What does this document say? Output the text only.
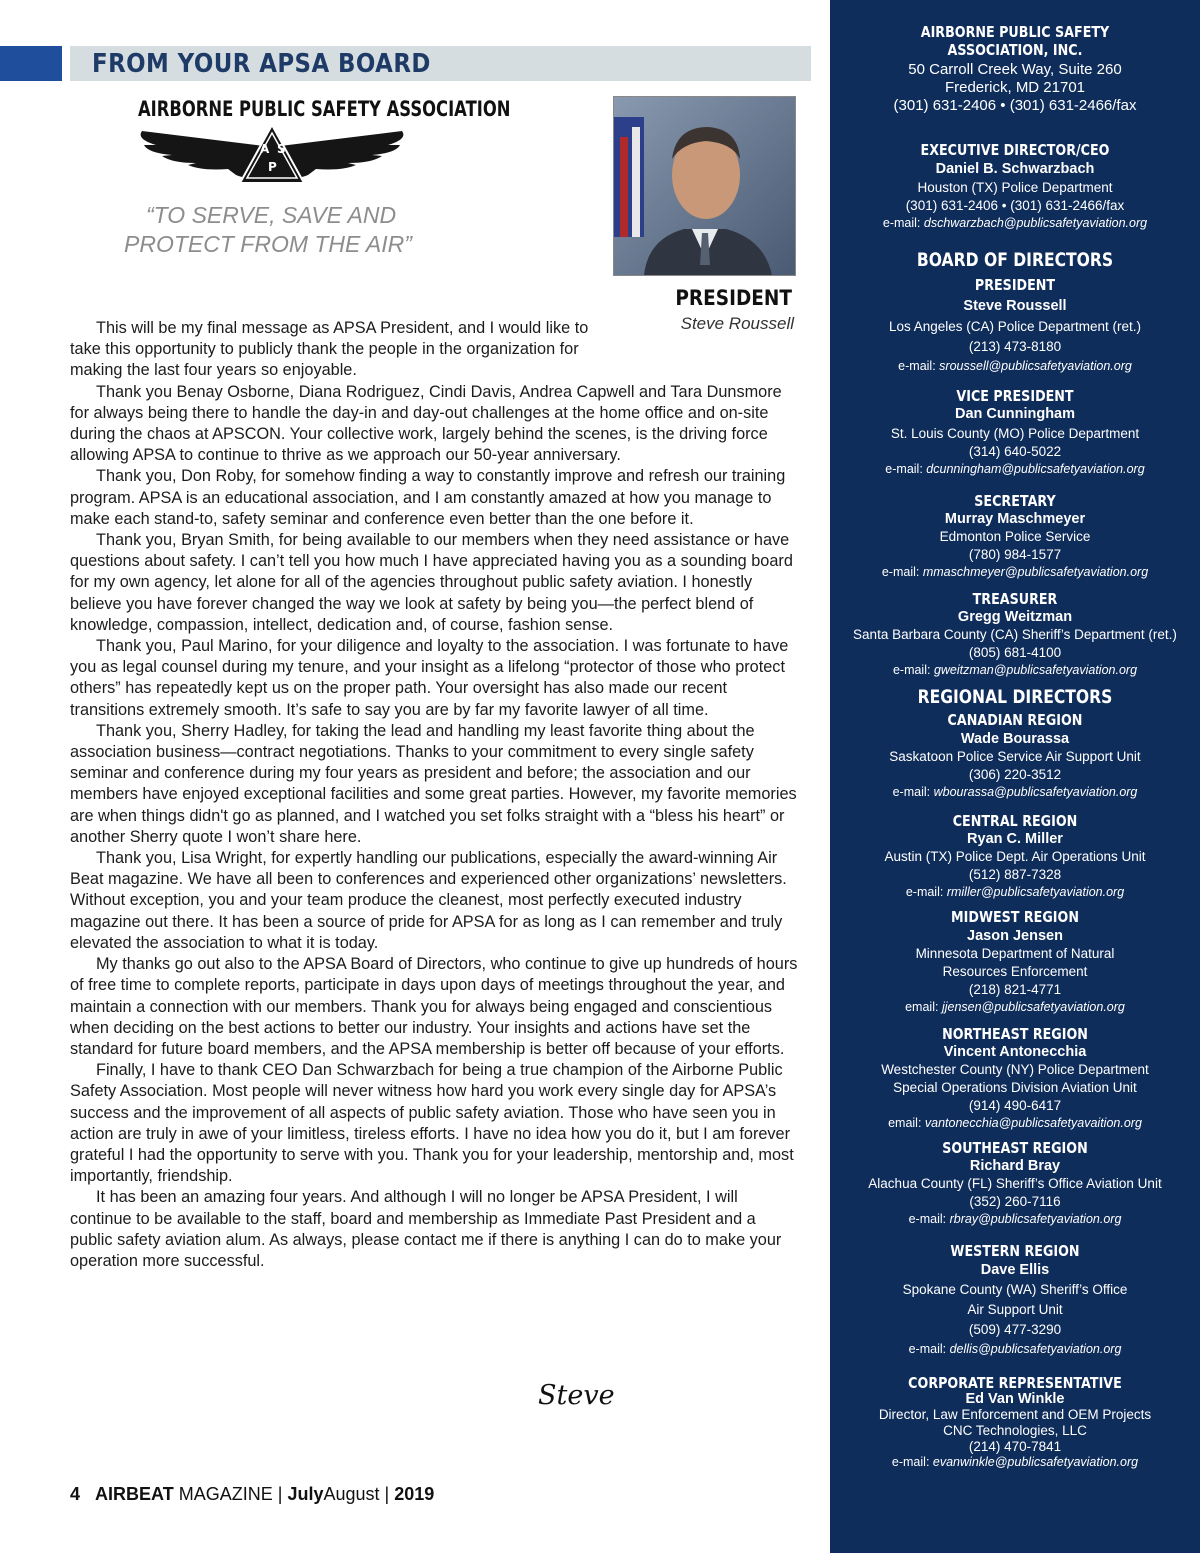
FROM YOUR APSA BOARD
AIRBORNE PUBLIC SAFETY ASSOCIATION
A S
P
“TO SERVE, SAVE AND
PROTECT FROM THE AIR”
PRESIDENT
Steve Roussell

This will be my final message as APSA President, and I would like to take this opportunity to publicly thank the people in the organization for making the last four years so enjoyable.

Thank you Benay Osborne, Diana Rodriguez, Cindi Davis, Andrea Capwell and Tara Dunsmore for always being there to handle the day-in and day-out challenges at the home office and on-site during the chaos at APSCON. Your collective work, largely behind the scenes, is the driving force allowing APSA to continue to thrive as we approach our 50-year anniversary.

Thank you, Don Roby, for somehow finding a way to constantly improve and refresh our training program. APSA is an educational association, and I am constantly amazed at how you manage to make each stand-to, safety seminar and conference even better than the one before it.

Thank you, Bryan Smith, for being available to our members when they need assistance or have questions about safety. I can’t tell you how much I have appreciated having you as a sounding board for my own agency, let alone for all of the agencies throughout public safety aviation. I honestly believe you have forever changed the way we look at safety by being you—the perfect blend of knowledge, compassion, intellect, dedication and, of course, fashion sense.

Thank you, Paul Marino, for your diligence and loyalty to the association. I was fortunate to have you as legal counsel during my tenure, and your insight as a lifelong “protector of those who protect others” has repeatedly kept us on the proper path. Your oversight has also made our recent transitions extremely smooth. It’s safe to say you are by far my favorite lawyer of all time.

Thank you, Sherry Hadley, for taking the lead and handling my least favorite thing about the association business—contract negotiations. Thanks to your commitment to every single safety seminar and conference during my four years as president and before; the association and our members have enjoyed exceptional facilities and some great parties. However, my favorite memories are when things didn't go as planned, and I watched you set folks straight with a “bless his heart” or another Sherry quote I won’t share here.

Thank you, Lisa Wright, for expertly handling our publications, especially the award-winning Air Beat magazine. We have all been to conferences and experienced other organizations’ newsletters. Without exception, you and your team produce the cleanest, most perfectly executed industry magazine out there. It has been a source of pride for APSA for as long as I can remember and truly elevated the association to what it is today.

My thanks go out also to the APSA Board of Directors, who continue to give up hundreds of hours of free time to complete reports, participate in days upon days of meetings throughout the year, and maintain a connection with our members. Thank you for always being engaged and conscientious when deciding on the best actions to better our industry. Your insights and actions have set the standard for future board members, and the APSA membership is better off because of your efforts.

Finally, I have to thank CEO Dan Schwarzbach for being a true champion of the Airborne Public Safety Association. Most people will never witness how hard you work every single day for APSA’s success and the improvement of all aspects of public safety aviation. Those who have seen you in action are truly in awe of your limitless, tireless efforts. I have no idea how you do it, but I am forever grateful I had the opportunity to serve with you. Thank you for your leadership, mentorship and, most importantly, friendship.

It has been an amazing four years. And although I will no longer be APSA President, I will continue to be available to the staff, board and membership as Immediate Past President and a public safety aviation alum. As always, please contact me if there is anything I can do to make your operation more successful.

Steve
4 AIRBEAT MAGAZINE | JulyAugust | 2019
AIRBORNE PUBLIC SAFETY
ASSOCIATION, INC.
50 Carroll Creek Way, Suite 260
Frederick, MD 21701
(301) 631-2406 • (301) 631-2466/fax
EXECUTIVE DIRECTOR/CEO
Daniel B. Schwarzbach
Houston (TX) Police Department
(301) 631-2406 • (301) 631-2466/fax
e-mail: dschwarzbach@publicsafetyaviation.org
BOARD OF DIRECTORS
PRESIDENT
Steve Roussell
Los Angeles (CA) Police Department (ret.)
(213) 473-8180
e-mail: sroussell@publicsafetyaviation.org
VICE PRESIDENT
Dan Cunningham
St. Louis County (MO) Police Department
(314) 640-5022
e-mail: dcunningham@publicsafetyaviation.org
SECRETARY
Murray Maschmeyer
Edmonton Police Service
(780) 984-1577
e-mail: mmaschmeyer@publicsafetyaviation.org
TREASURER
Gregg Weitzman
Santa Barbara County (CA) Sheriff’s Department (ret.)
(805) 681-4100
e-mail: gweitzman@publicsafetyaviation.org
REGIONAL DIRECTORS
CANADIAN REGION
Wade Bourassa
Saskatoon Police Service Air Support Unit
(306) 220-3512
e-mail: wbourassa@publicsafetyaviation.org
CENTRAL REGION
Ryan C. Miller
Austin (TX) Police Dept. Air Operations Unit
(512) 887-7328
e-mail: rmiller@publicsafetyaviation.org
MIDWEST REGION
Jason Jensen
Minnesota Department of Natural
Resources Enforcement
(218) 821-4771
email: jjensen@publicsafetyaviation.org
NORTHEAST REGION
Vincent Antonecchia
Westchester County (NY) Police Department
Special Operations Division Aviation Unit
(914) 490-6417
email: vantonecchia@publicsafetyavaition.org
SOUTHEAST REGION
Richard Bray
Alachua County (FL) Sheriff’s Office Aviation Unit
(352) 260-7116
e-mail: rbray@publicsafetyaviation.org
WESTERN REGION
Dave Ellis
Spokane County (WA) Sheriff’s Office
Air Support Unit
(509) 477-3290
e-mail: dellis@publicsafetyaviation.org
CORPORATE REPRESENTATIVE
Ed Van Winkle
Director, Law Enforcement and OEM Projects
CNC Technologies, LLC
(214) 470-7841
e-mail: evanwinkle@publicsafetyaviation.org
